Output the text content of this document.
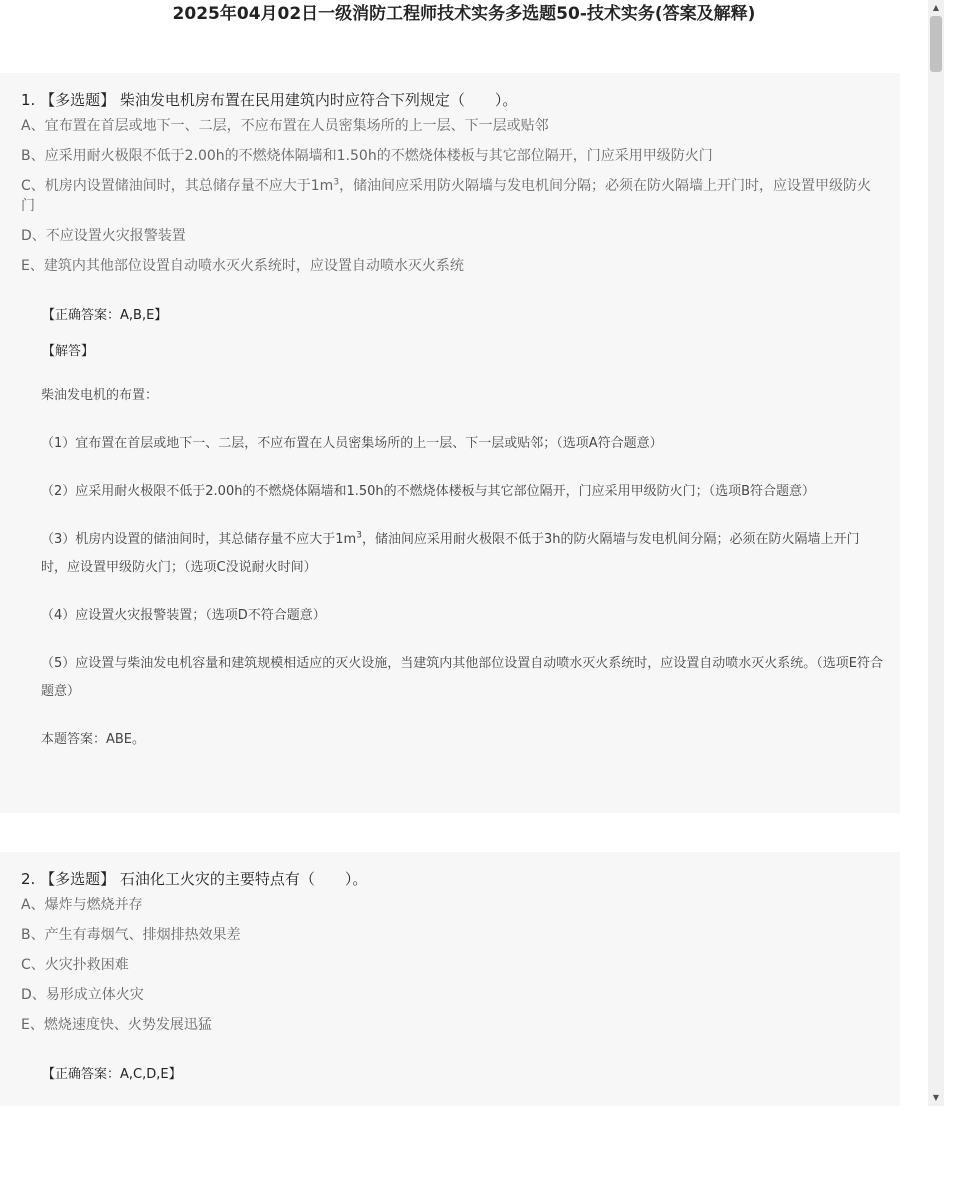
2025年04月02日一级消防工程师技术实务多选题50-技术实务(答案及解释)
1. 【多选题】 柴油发电机房布置在民用建筑内时应符合下列规定（　　）。
A、宜布置在首层或地下一、二层，不应布置在人员密集场所的上一层、下一层或贴邻
B、应采用耐火极限不低于2.00h的不燃烧体隔墙和1.50h的不燃烧体楼板与其它部位隔开，门应采用甲级防火门
C、机房内设置储油间时，其总储存量不应大于$1m^3$，储油间应采用防火隔墙与发电机间分隔；必须在防火隔墙上开门时，应设置甲级防火门
D、不应设置火灾报警装置
E、建筑内其他部位设置自动喷水灭火系统时，应设置自动喷水灭火系统
【正确答案：A,B,E】
【解答】
柴油发电机的布置：
（1）宜布置在首层或地下一、二层，不应布置在人员密集场所的上一层、下一层或贴邻；（选项A符合题意）
（2）应采用耐火极限不低于2.00h的不燃烧体隔墙和1.50h的不燃烧体楼板与其它部位隔开，门应采用甲级防火门；（选项B符合题意）
（3）机房内设置的储油间时，其总储存量不应大于$1m^3$，储油间应采用耐火极限不低于3h的防火隔墙与发电机间分隔；必须在防火隔墙上开门时，应设置甲级防火门；（选项C没说耐火时间）
（4）应设置火灾报警装置；（选项D不符合题意）
（5）应设置与柴油发电机容量和建筑规模相适应的灭火设施，当建筑内其他部位设置自动喷水灭火系统时，应设置自动喷水灭火系统。（选项E符合题意）
本题答案：ABE。
2. 【多选题】 石油化工火灾的主要特点有（　　）。
A、爆炸与燃烧并存
B、产生有毒烟气、排烟排热效果差
C、火灾扑救困难
D、易形成立体火灾
E、燃烧速度快、火势发展迅猛
【正确答案：A,C,D,E】
▲
▼
